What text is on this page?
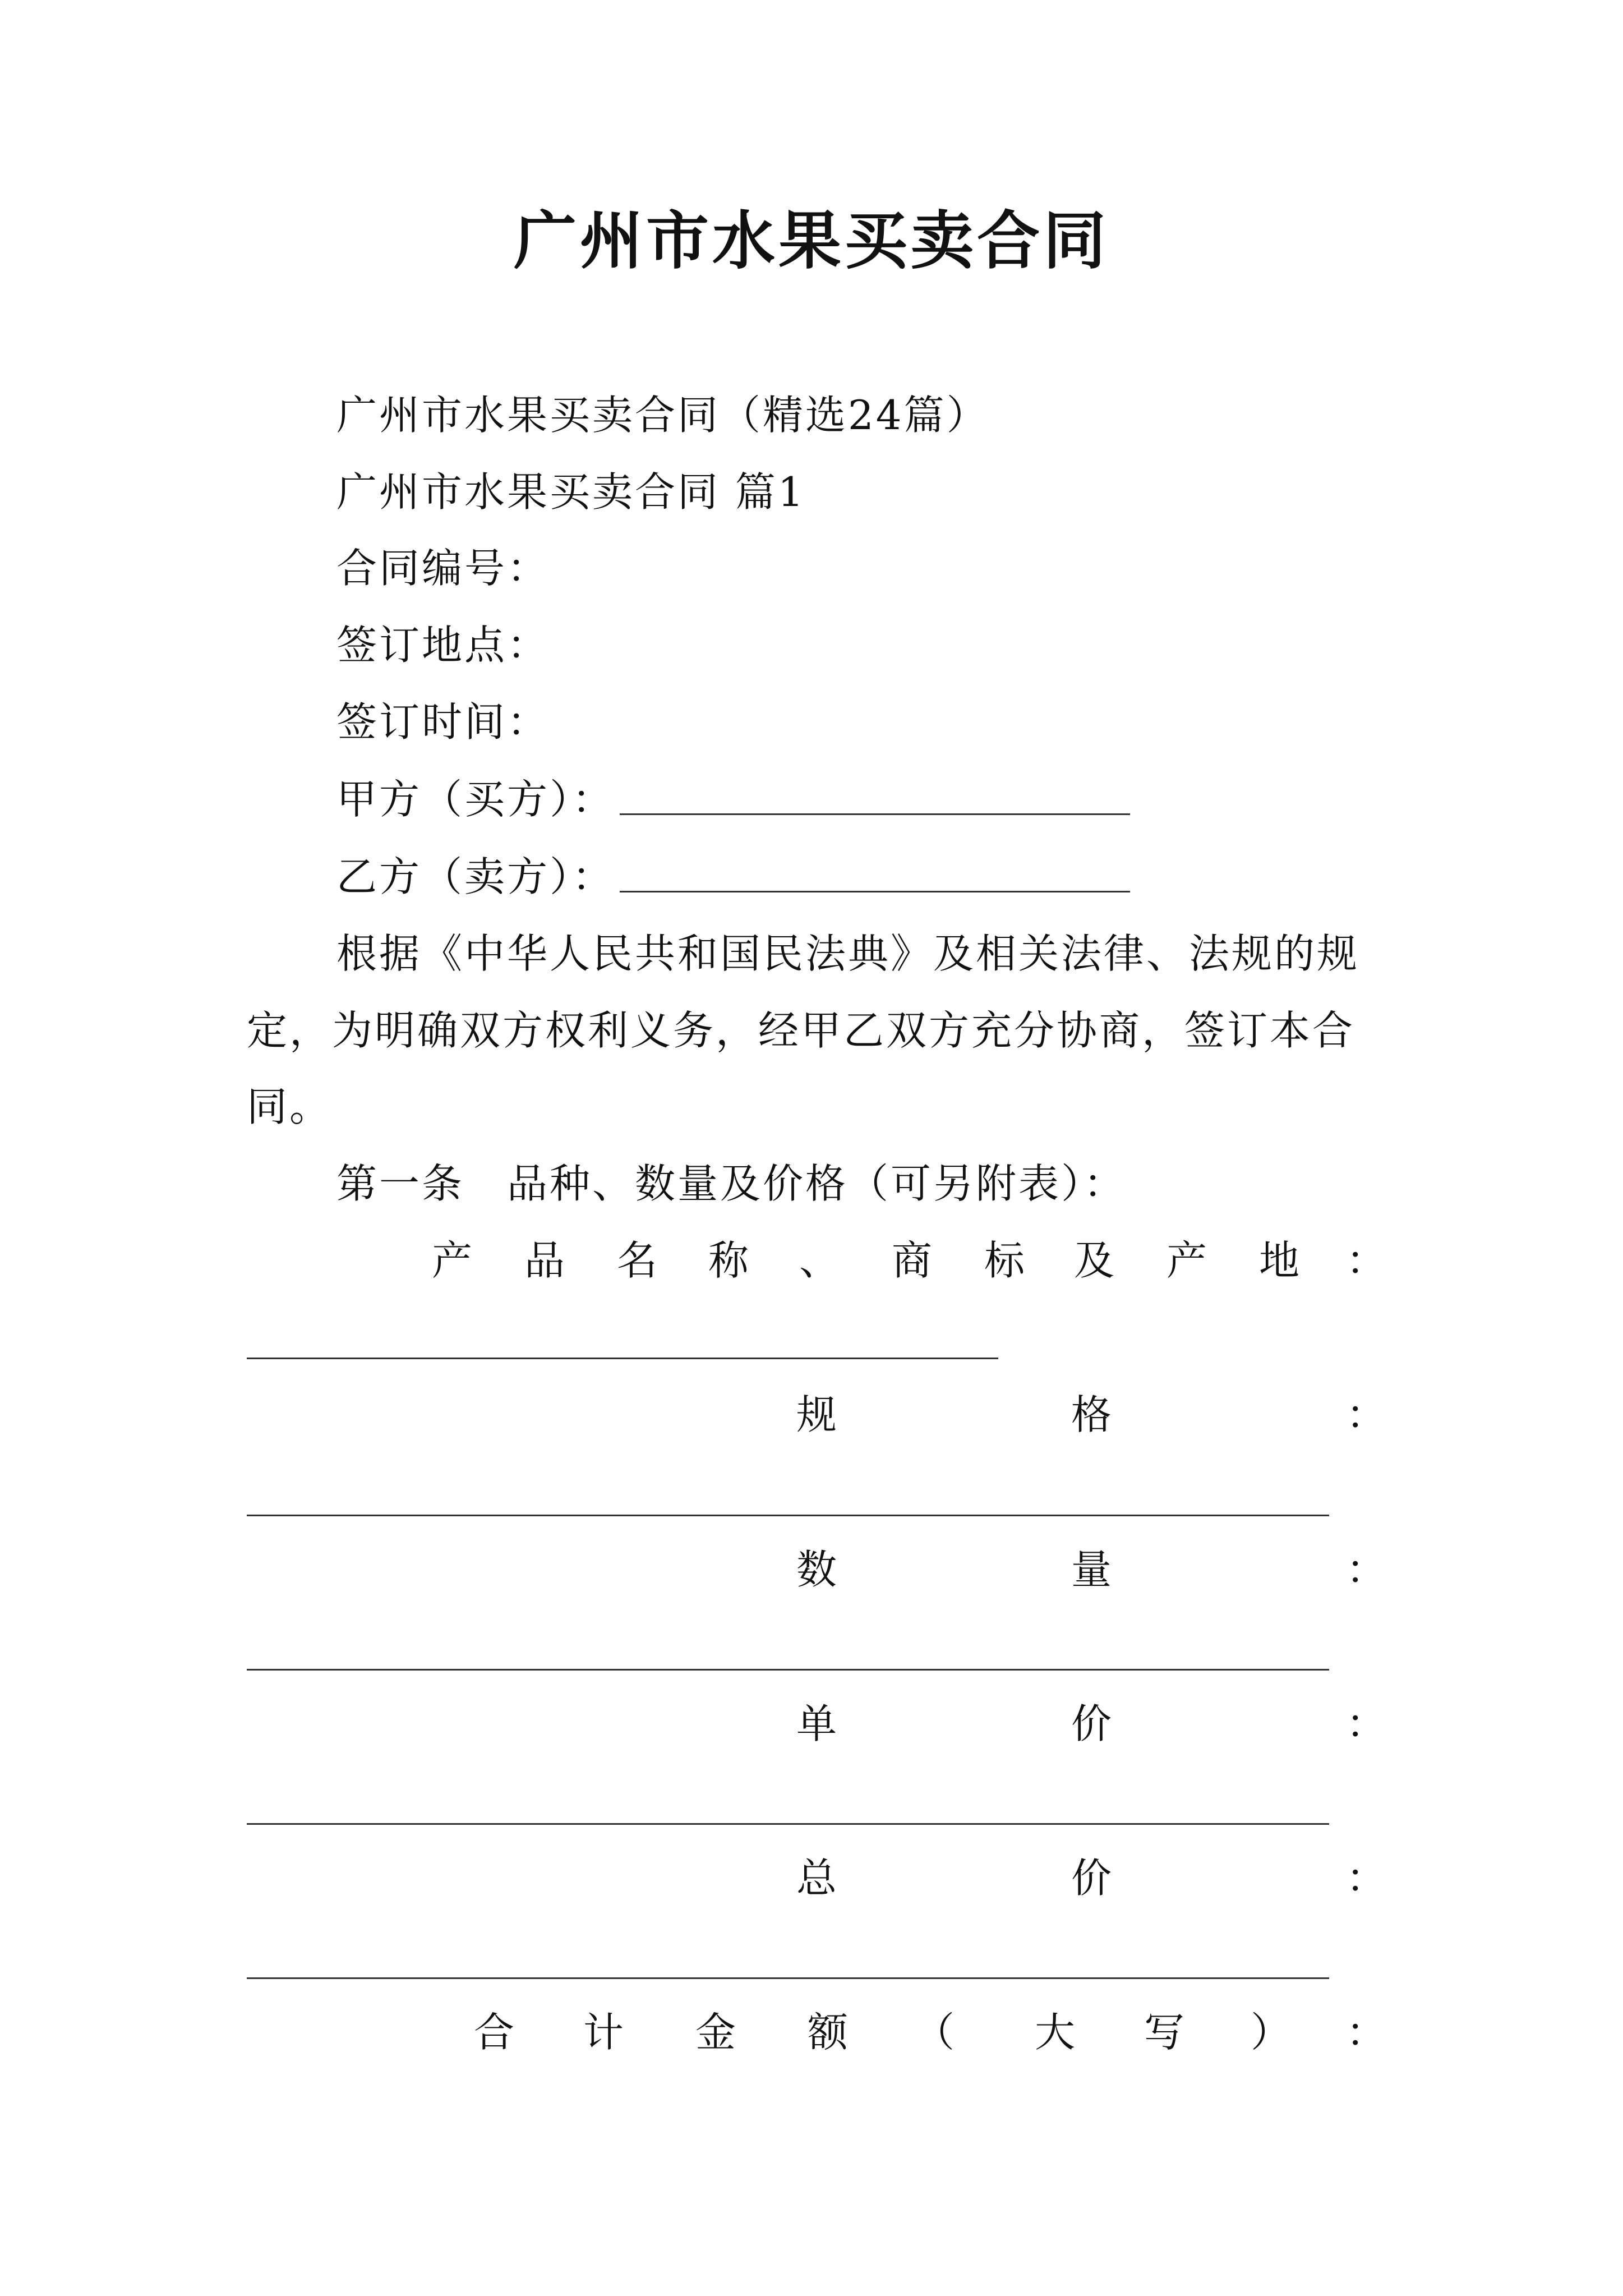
广州市水果买卖合同
广州市水果买卖合同（精选24篇）
广州市水果买卖合同 篇1
合同编号：
签订地点：
签订时间：
甲方（买方）：
乙方（卖方）：
根据《中华人民共和国民法典》及相关法律、法规的规
定，为明确双方权利义务，经甲乙双方充分协商，签订本合
同。
第一条　品种、数量及价格（可另附表）：
产 品 名 称 、 商 标 及 产 地 ：
规	格	：
数	量	：
单	价	：
总	价	：
合 计 金 额 （ 大 写 ） ：
